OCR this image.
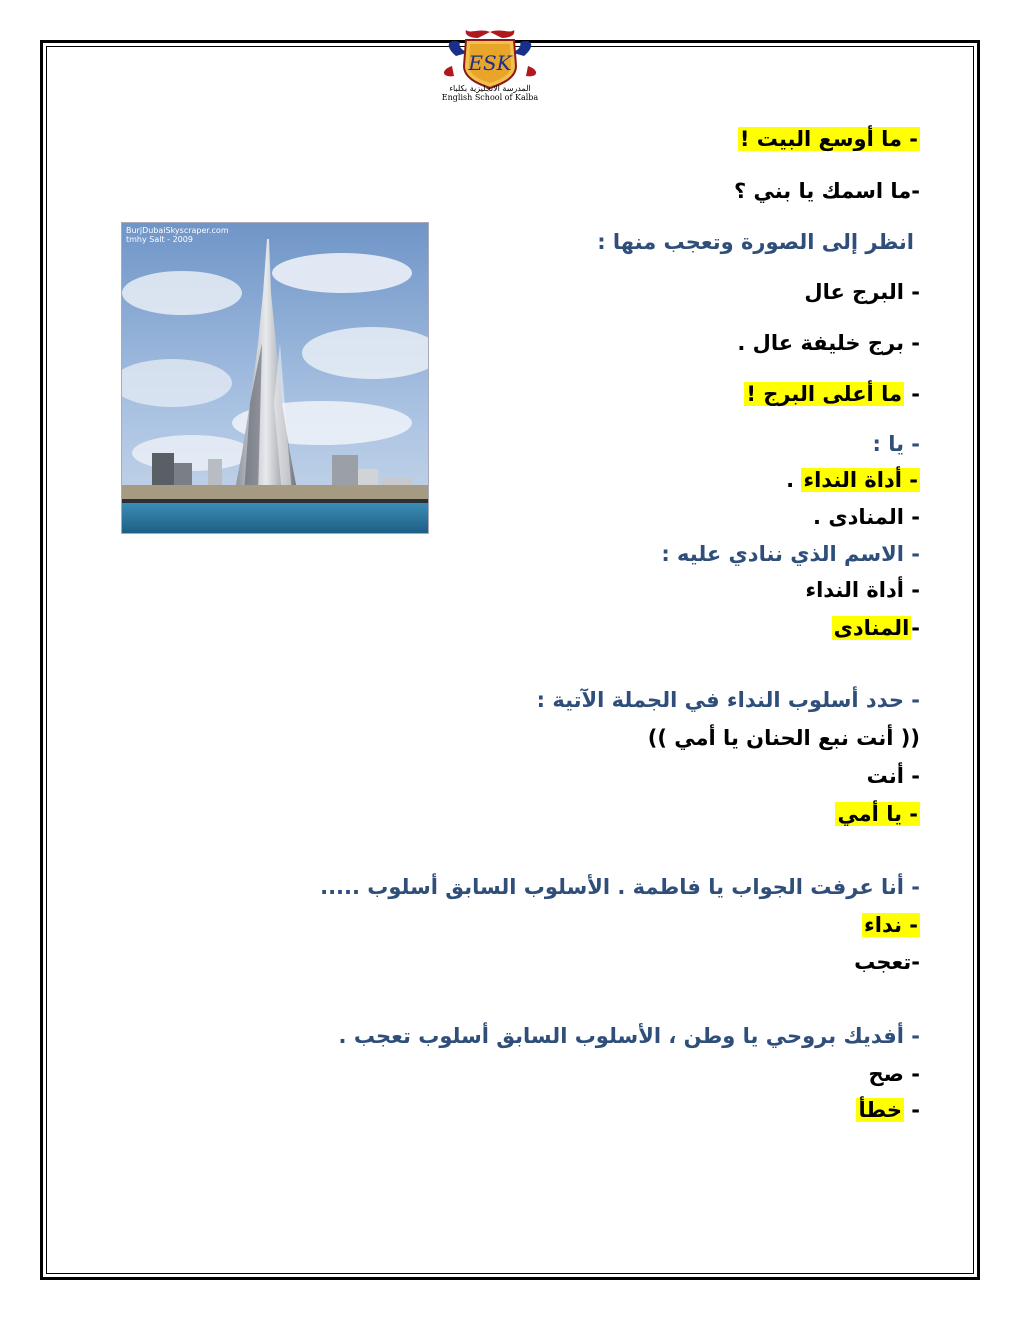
ESK
المدرسة الانجليزية بكلباء
English School of Kalba
BurjDubaiSkyscraper.com
tmhy Salt - 2009
- ما أوسع البيت !
-ما اسمك يا بني ؟
انظر إلى الصورة وتعجب منها :
- البرج عال
- برج خليفة عال .
- ما أعلى البرج !
- يا :
- أداة النداء .
- المنادى .
- الاسم الذي ننادي عليه :
- أداة النداء
-المنادى
- حدد أسلوب النداء في الجملة الآتية :
(( أنت نبع الحنان يا أمي ))
- أنت
- يا أمي
- أنا عرفت الجواب يا فاطمة . الأسلوب السابق أسلوب .....
- نداء
-تعجب
- أفديك بروحي يا وطن ، الأسلوب السابق أسلوب تعجب .
- صح
- خطأ
